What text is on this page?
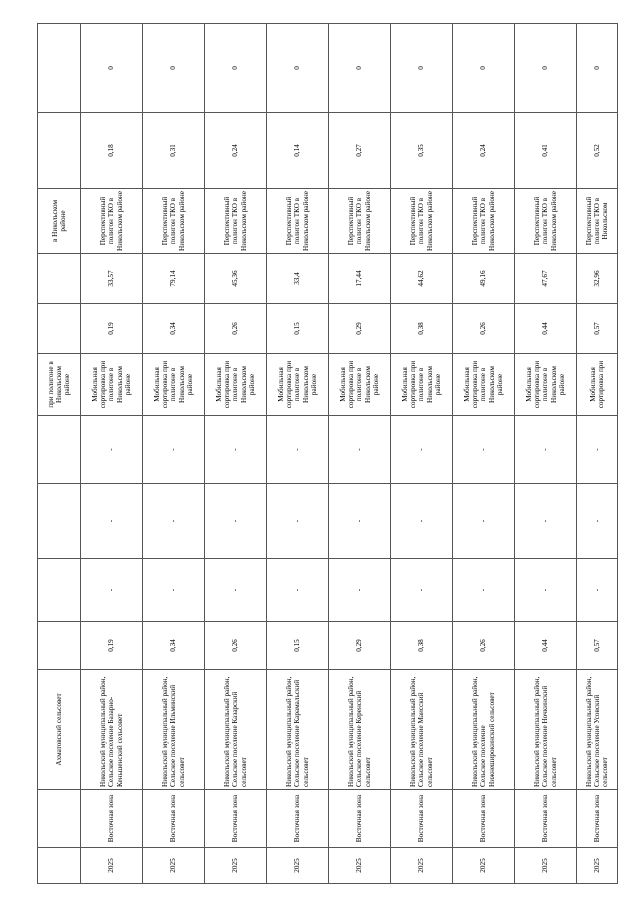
		Ахматовский сельсовет					при полигоне в Никольском районе			в Никольском районе		
2025	Восточная зона	Никольский муниципальный район, Сельское поселение Базарно-Кеньшенский сельсовет	0,19	-	-	-	Мобильная сортировка при полигоне в Никольском районе	0,19	33,57	Перспективный полигон ТКО в Никольском районе	0,18	0
2025	Восточная зона	Никольский муниципальный район, Сельское поселение Ильминский сельсовет	0,34	-	-	-	Мобильная сортировка при полигоне в Никольском районе	0,34	79,14	Перспективный полигон ТКО в Никольском районе	0,31	0
2025	Восточная зона	Никольский муниципальный район, Сельское поселение Казарский сельсовет	0,26	-	-	-	Мобильная сортировка при полигоне в Никольском районе	0,26	45,36	Перспективный полигон ТКО в Никольском районе	0,24	0
2025	Восточная зона	Никольский муниципальный район, Сельское поселение Карамальский сельсовет	0,15	-	-	-	Мобильная сортировка при полигоне в Никольском районе	0,15	33,4	Перспективный полигон ТКО в Никольском районе	0,14	0
2025	Восточная зона	Никольский муниципальный район, Сельское поселение Керенский сельсовет	0,29	-	-	-	Мобильная сортировка при полигоне в Никольском районе	0,29	17,44	Перспективный полигон ТКО в Никольском районе	0,27	0
2025	Восточная зона	Никольский муниципальный район, Сельское поселение Маисский сельсовет	0,38	-	-	-	Мобильная сортировка при полигоне в Никольском районе	0,38	44,62	Перспективный полигон ТКО в Никольском районе	0,35	0
2025	Восточная зона	Никольский муниципальный район, Сельское поселение Нижнеширокинский сельсовет	0,26	-	-	-	Мобильная сортировка при полигоне в Никольском районе	0,26	49,16	Перспективный полигон ТКО в Никольском районе	0,24	0
2025	Восточная зона	Никольский муниципальный район, Сельское поселение Ночкинский сельсовет	0,44	-	-	-	Мобильная сортировка при полигоне в Никольском районе	0,44	47,67	Перспективный полигон ТКО в Никольском районе	0,41	0
2025	Восточная зона	Никольский муниципальный район, Сельское поселение Усовский сельсовет	0,57	-	-	-	Мобильная сортировка при	0,57	32,96	Перспективный полигон ТКО в Никольском	0,52	0
